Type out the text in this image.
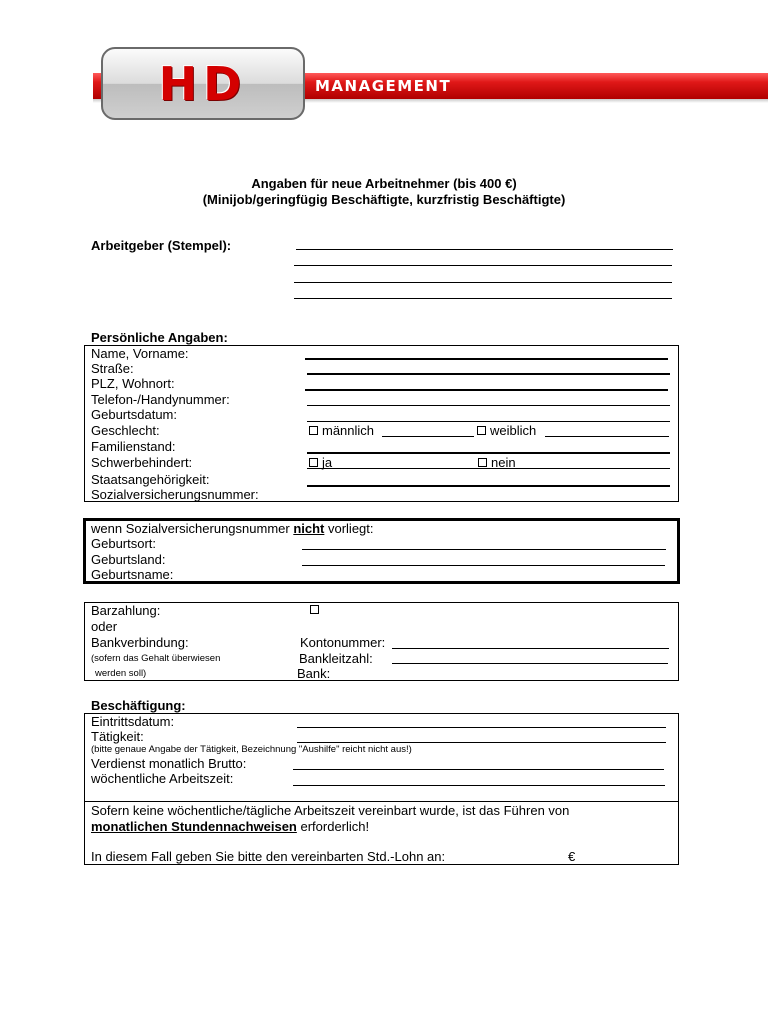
HD	MANAGEMENT
Angaben für neue Arbeitnehmer (bis 400 €)
(Minijob/geringfügig Beschäftigte, kurzfristig Beschäftigte)
Arbeitgeber (Stempel):
Persönliche Angaben:
Name, Vorname:
Straße:
PLZ, Wohnort:
Telefon-/Handynummer:
Geburtsdatum:
Geschlecht:	männlich	weiblich
Familienstand:
Schwerbehindert:	ja	nein
Staatsangehörigkeit:
Sozialversicherungsnummer:
wenn Sozialversicherungsnummer nicht vorliegt:
Geburtsort:
Geburtsland:
Geburtsname:
Barzahlung:
oder
Bankverbindung:
(sofern das Gehalt überwiesen
werden soll)
Kontonummer:
Bankleitzahl:
Bank:
Beschäftigung:
Eintrittsdatum:
Tätigkeit:
(bitte genaue Angabe der Tätigkeit, Bezeichnung "Aushilfe" reicht nicht aus!)
Verdienst monatlich Brutto:
wöchentliche Arbeitszeit:
Sofern keine wöchentliche/tägliche Arbeitszeit vereinbart wurde, ist das Führen von
monatlichen Stundennachweisen erforderlich!
In diesem Fall geben Sie bitte den vereinbarten Std.-Lohn an:	€
